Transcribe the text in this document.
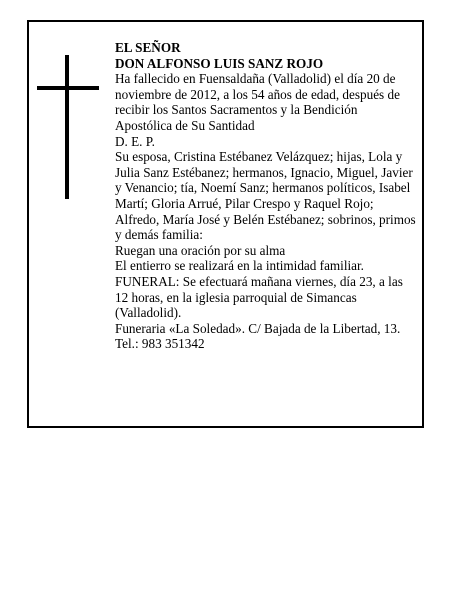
EL SEÑOR

DON ALFONSO LUIS SANZ ROJO

Ha fallecido en Fuensaldaña (Valladolid) el día 20 de noviembre de 2012, a los 54 años de edad, después de recibir los Santos Sacramentos y la Bendición Apostólica de Su Santidad

D. E. P.

Su esposa, Cristina Estébanez Velázquez; hijas, Lola y Julia Sanz Estébanez; hermanos, Ignacio, Miguel, Javier y Venancio; tía, Noemí Sanz; hermanos políticos, Isabel Martí; Gloria Arrué, Pilar Crespo y Raquel Rojo; Alfredo, María José y Belén Estébanez; sobrinos, primos y demás familia:

Ruegan una oración por su alma

El entierro se realizará en la intimidad familiar.

FUNERAL: Se efectuará mañana viernes, día 23, a las 12 horas, en la iglesia parroquial de Simancas (Valladolid).

Funeraria «La Soledad». C/ Bajada de la Libertad, 13.

Tel.: 983 351342
